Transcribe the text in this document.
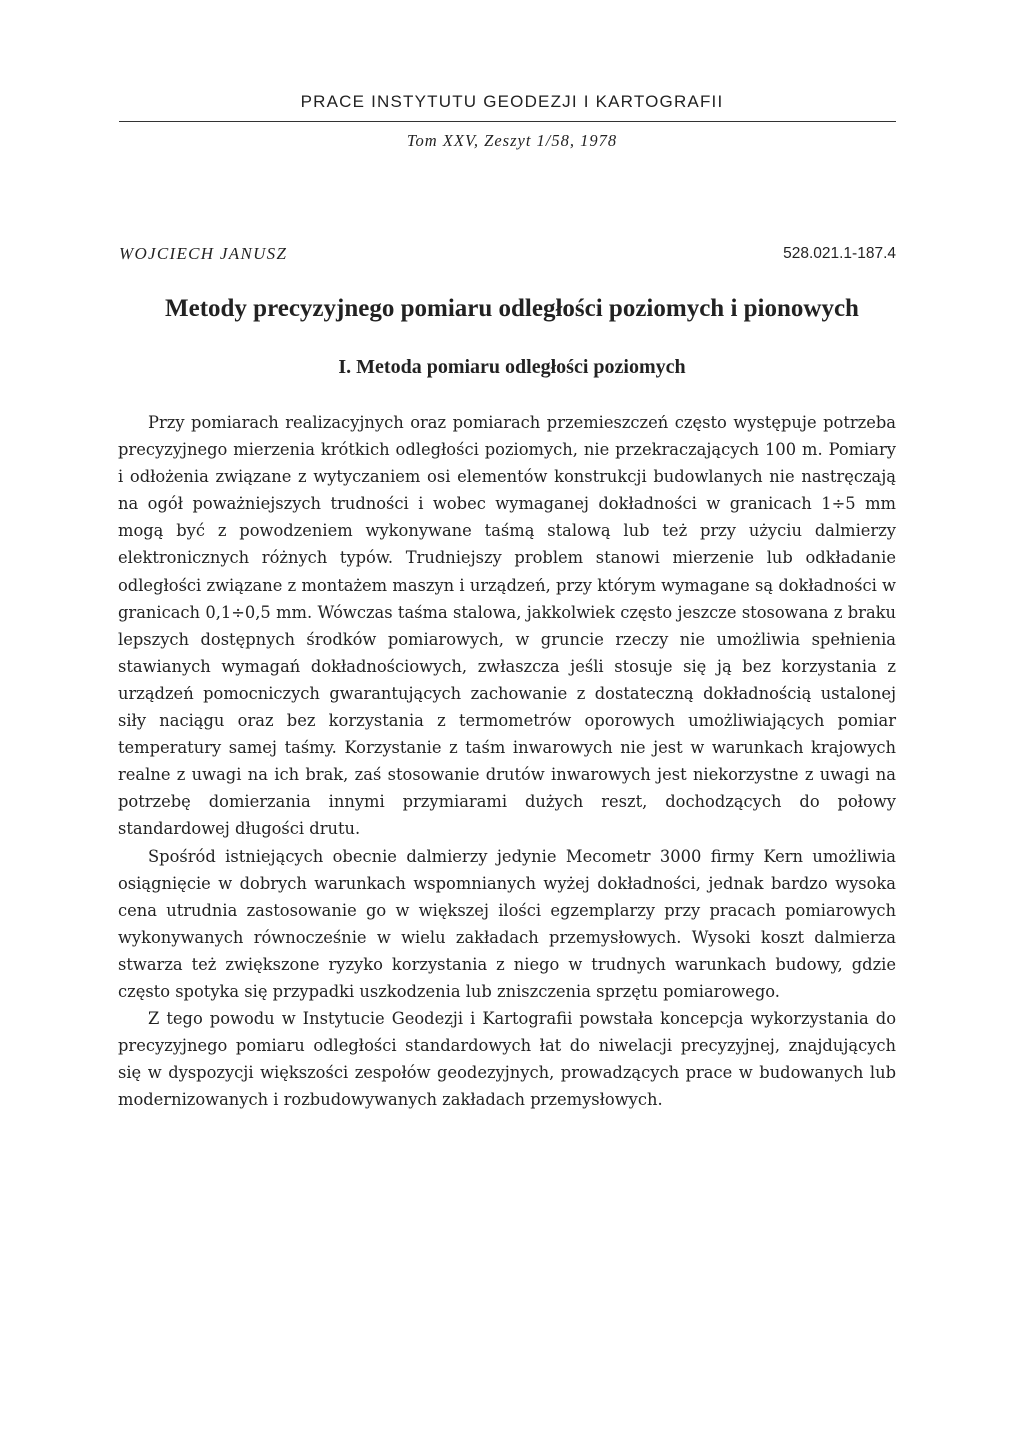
PRACE INSTYTUTU GEODEZJI I KARTOGRAFII
Tom XXV, Zeszyt 1/58, 1978
WOJCIECH JANUSZ	528.021.1-187.4
Metody precyzyjnego pomiaru odległości poziomych i pionowych
I. Metoda pomiaru odległości poziomych

Przy pomiarach realizacyjnych oraz pomiarach przemieszczeń często występuje potrzeba precyzyjnego mierzenia krótkich odległości poziomych, nie przekraczających 100 m. Pomiary i odłożenia związane z wytyczaniem osi elementów konstrukcji budowlanych nie nastręczają na ogół poważniejszych trudności i wobec wymaganej dokładności w granicach 1÷5 mm mogą być z powodzeniem wykonywane taśmą stalową lub też przy użyciu dalmierzy elektronicznych różnych typów. Trudniejszy problem stanowi mierzenie lub odkładanie odległości związane z montażem maszyn i urządzeń, przy którym wymagane są dokładności w granicach 0,1÷0,5 mm. Wówczas taśma stalowa, jakkolwiek często jeszcze stosowana z braku lepszych dostępnych środków pomiarowych, w gruncie rzeczy nie umożliwia spełnienia stawianych wymagań dokładnościowych, zwłaszcza jeśli stosuje się ją bez korzystania z urządzeń pomocniczych gwarantujących zachowanie z dostateczną dokładnością ustalonej siły naciągu oraz bez korzystania z termometrów oporowych umożliwiających pomiar temperatury samej taśmy. Korzystanie z taśm inwarowych nie jest w warunkach krajowych realne z uwagi na ich brak, zaś stosowanie drutów inwarowych jest niekorzystne z uwagi na potrzebę domierzania innymi przymiarami dużych reszt, dochodzących do połowy standardowej długości drutu.

Spośród istniejących obecnie dalmierzy jedynie Mecometr 3000 firmy Kern umożliwia osiągnięcie w dobrych warunkach wspomnianych wyżej dokładności, jednak bardzo wysoka cena utrudnia zastosowanie go w większej ilości egzemplarzy przy pracach pomiarowych wykonywanych równocześnie w wielu zakładach przemysłowych. Wysoki koszt dalmierza stwarza też zwiększone ryzyko korzystania z niego w trudnych warunkach budowy, gdzie często spotyka się przypadki uszkodzenia lub zniszczenia sprzętu pomiarowego.

Z tego powodu w Instytucie Geodezji i Kartografii powstała koncepcja wykorzystania do precyzyjnego pomiaru odległości standardowych łat do niwelacji precyzyjnej, znajdujących się w dyspozycji większości zespołów geodezyjnych, prowadzących prace w budowanych lub modernizowanych i rozbudowywanych zakładach przemysłowych.
